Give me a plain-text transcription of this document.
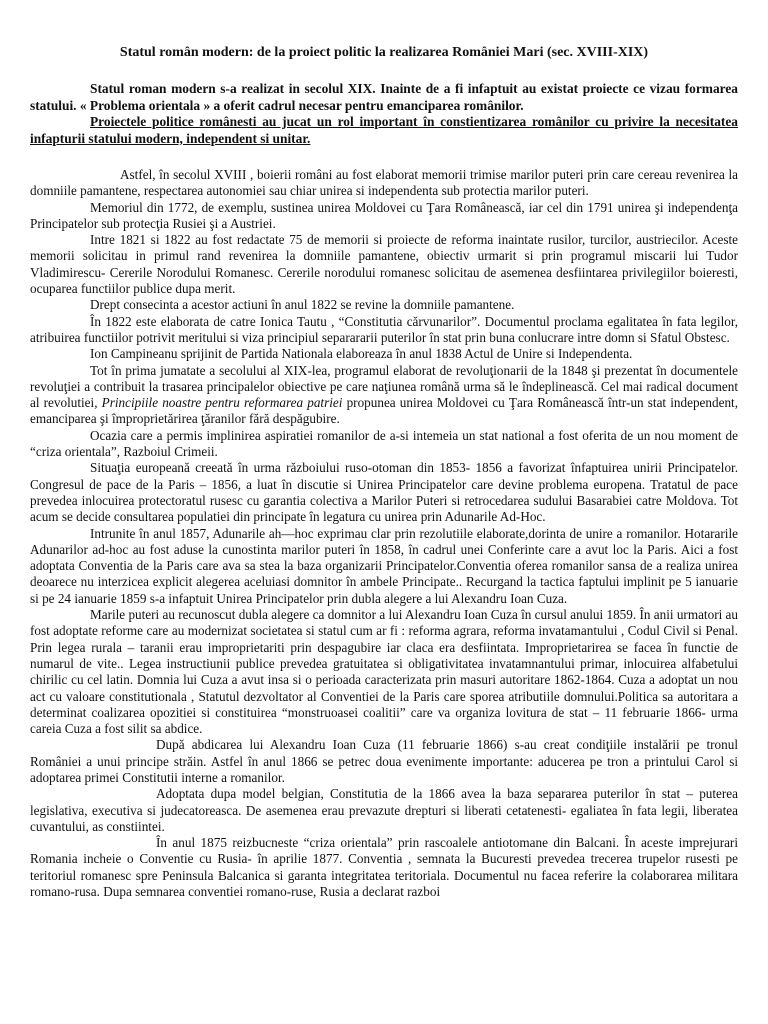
Statul român modern: de la proiect politic la realizarea României Mari (sec. XVIII-XIX)

Statul roman modern s-a realizat in secolul XIX. Inainte de a fi infaptuit au existat proiecte ce vizau formarea statului. « Problema orientala » a oferit cadrul necesar pentru emanciparea românilor.

Proiectele politice românesti au jucat un rol important în constientizarea românilor cu privire la necesitatea infapturii statului modern, independent si unitar.

Astfel, în secolul XVIII , boierii români au fost elaborat memorii trimise marilor puteri prin care cereau revenirea la domniile pamantene, respectarea autonomiei sau chiar unirea si independenta sub protectia marilor puteri.

Memoriul din 1772, de exemplu, sustinea unirea Moldovei cu Ţara Românească, iar cel din 1791 unirea şi independenţa Principatelor sub protecţia Rusiei şi a Austriei.

Intre 1821 si 1822 au fost redactate 75 de memorii si proiecte de reforma inaintate rusilor, turcilor, austriecilor. Aceste memorii solicitau in primul rand revenirea la domniile pamantene, obiectiv urmarit si prin programul miscarii lui Tudor Vladimirescu- Cererile Norodului Romanesc. Cererile norodului romanesc solicitau de asemenea desfiintarea privilegiilor boieresti, ocuparea functiilor publice dupa merit.

Drept consecinta a acestor actiuni în anul 1822 se revine la domniile pamantene.

În 1822 este elaborata de catre Ionica Tautu , “Constitutia cărvunarilor”. Documentul proclama egalitatea în fata legilor, atribuirea functiilor potrivit meritului si viza principiul separararii puterilor în stat prin buna conlucrare intre domn si Sfatul Obstesc.

Ion Campineanu sprijinit de Partida Nationala elaboreaza în anul 1838 Actul de Unire si Independenta.

Tot în prima jumatate a secolului al XIX-lea, programul elaborat de revoluţionarii de la 1848 şi prezentat în documentele revoluţiei a contribuit la trasarea principalelor obiective pe care naţiunea română urma să le îndeplinească. Cel mai radical document al revolutiei, Principiile noastre pentru reformarea patriei propunea unirea Moldovei cu Ţara Românească într-un stat independent, emanciparea şi împroprietărirea ţăranilor fără despăgubire.

Ocazia care a permis implinirea aspiratiei romanilor de a-si intemeia un stat national a fost oferita de un nou moment de “criza orientala”, Razboiul Crimeii.

Situaţia europeană creeată în urma războiului ruso-otoman din 1853- 1856 a favorizat înfaptuirea unirii Principatelor. Congresul de pace de la Paris – 1856, a luat în discutie si Unirea Principatelor care devine problema europena. Tratatul de pace prevedea inlocuirea protectoratul rusesc cu garantia colectiva a Marilor Puteri si retrocedarea sudului Basarabiei catre Moldova. Tot acum se decide consultarea populatiei din principate în legatura cu unirea prin Adunarile Ad-Hoc.

Intrunite în anul 1857, Adunarile ah—hoc exprimau clar prin rezolutiile elaborate,dorinta de unire a romanilor. Hotararile Adunarilor ad-hoc au fost aduse la cunostinta marilor puteri în 1858, în cadrul unei Conferinte care a avut loc la Paris. Aici a fost adoptata Conventia de la Paris care ava sa stea la baza organizarii Principatelor.Conventia oferea romanilor sansa de a realiza unirea deoarece nu interzicea explicit alegerea aceluiasi domnitor în ambele Principate.. Recurgand la tactica faptului implinit pe 5 ianuarie si pe 24 ianuarie 1859 s-a infaptuit Unirea Principatelor prin dubla alegere a lui Alexandru Ioan Cuza.

Marile puteri au recunoscut dubla alegere ca domnitor a lui Alexandru Ioan Cuza în cursul anului 1859. În anii urmatori au fost adoptate reforme care au modernizat societatea si statul cum ar fi : reforma agrara, reforma invatamantului , Codul Civil si Penal. Prin legea rurala – taranii erau improprietariti prin despagubire iar claca era desfiintata. Improprietarirea se facea în functie de numarul de vite.. Legea instructiunii publice prevedea gratuitatea si obligativitatea invatamnantului primar, inlocuirea alfabetului chirilic cu cel latin. Domnia lui Cuza a avut insa si o perioada caracterizata prin masuri autoritare 1862-1864. Cuza a adoptat un nou act cu valoare constitutionala , Statutul dezvoltator al Conventiei de la Paris care sporea atributiile domnului.Politica sa autoritara a determinat coalizarea opozitiei si constituirea “monstruoasei coalitii” care va organiza lovitura de stat – 11 februarie 1866- urma careia Cuza a fost silit sa abdice.

După abdicarea lui Alexandru Ioan Cuza (11 februarie 1866) s-au creat condiţiile instalării pe tronul României a unui principe străin. Astfel în anul 1866 se petrec doua evenimente importante: aducerea pe tron a printului Carol si adoptarea primei Constitutii interne a romanilor.

Adoptata dupa model belgian, Constitutia de la 1866 avea la baza separarea puterilor în stat – puterea legislativa, executiva si judecatoreasca. De asemenea erau prevazute drepturi si liberati cetatenesti- egaliatea în fata legii, liberatea cuvantului, as constiintei.

În anul 1875 reizbucneste “criza orientala” prin rascoalele antiotomane din Balcani. În aceste imprejurari Romania incheie o Conventie cu Rusia- în aprilie 1877. Conventia , semnata la Bucuresti prevedea trecerea trupelor rusesti pe teritoriul romanesc spre Peninsula Balcanica si garanta integritatea teritoriala. Documentul nu facea referire la colaborarea militara romano-rusa. Dupa semnarea conventiei romano-ruse, Rusia a declarat razboi
